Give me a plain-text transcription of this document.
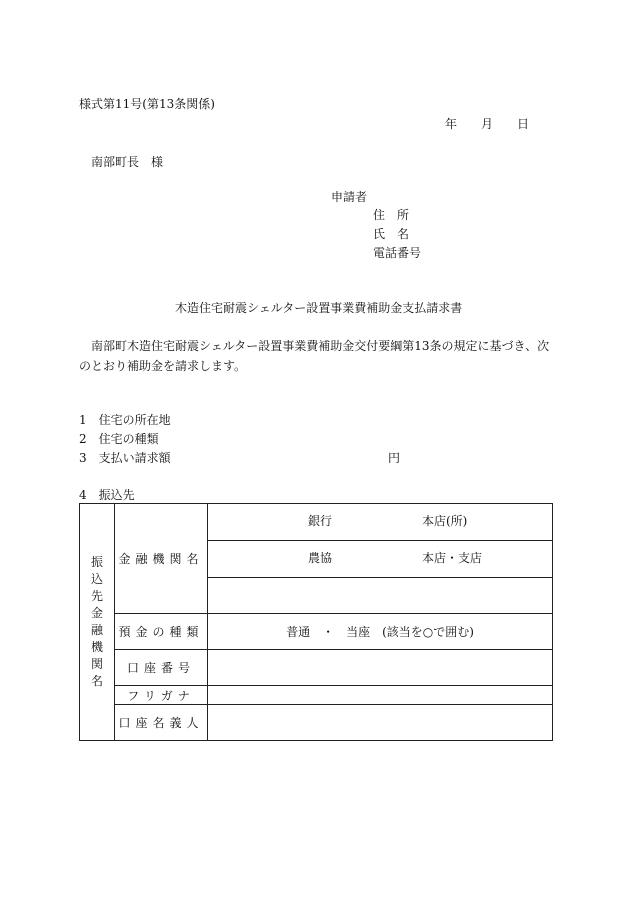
様式第11号(第13条関係)
年 月 日
南部町長　様
申請者
住　所
氏　名
電話番号
木造住宅耐震シェルター設置事業費補助金支払請求書
南部町木造住宅耐震シェルター設置事業費補助金交付要綱第13条の規定に基づき、次のとおり補助金を請求します。
1 住宅の所在地
2 住宅の種類
3 支払い請求額	円
4 振込先
振込先金融機関名	金融機関名	銀行 本店(所)

		農協 本店・支店

	預金の種類	普通　・　当座　(該当を○で囲む)
	口座番号	
	フリガナ	
	口座名義人	
